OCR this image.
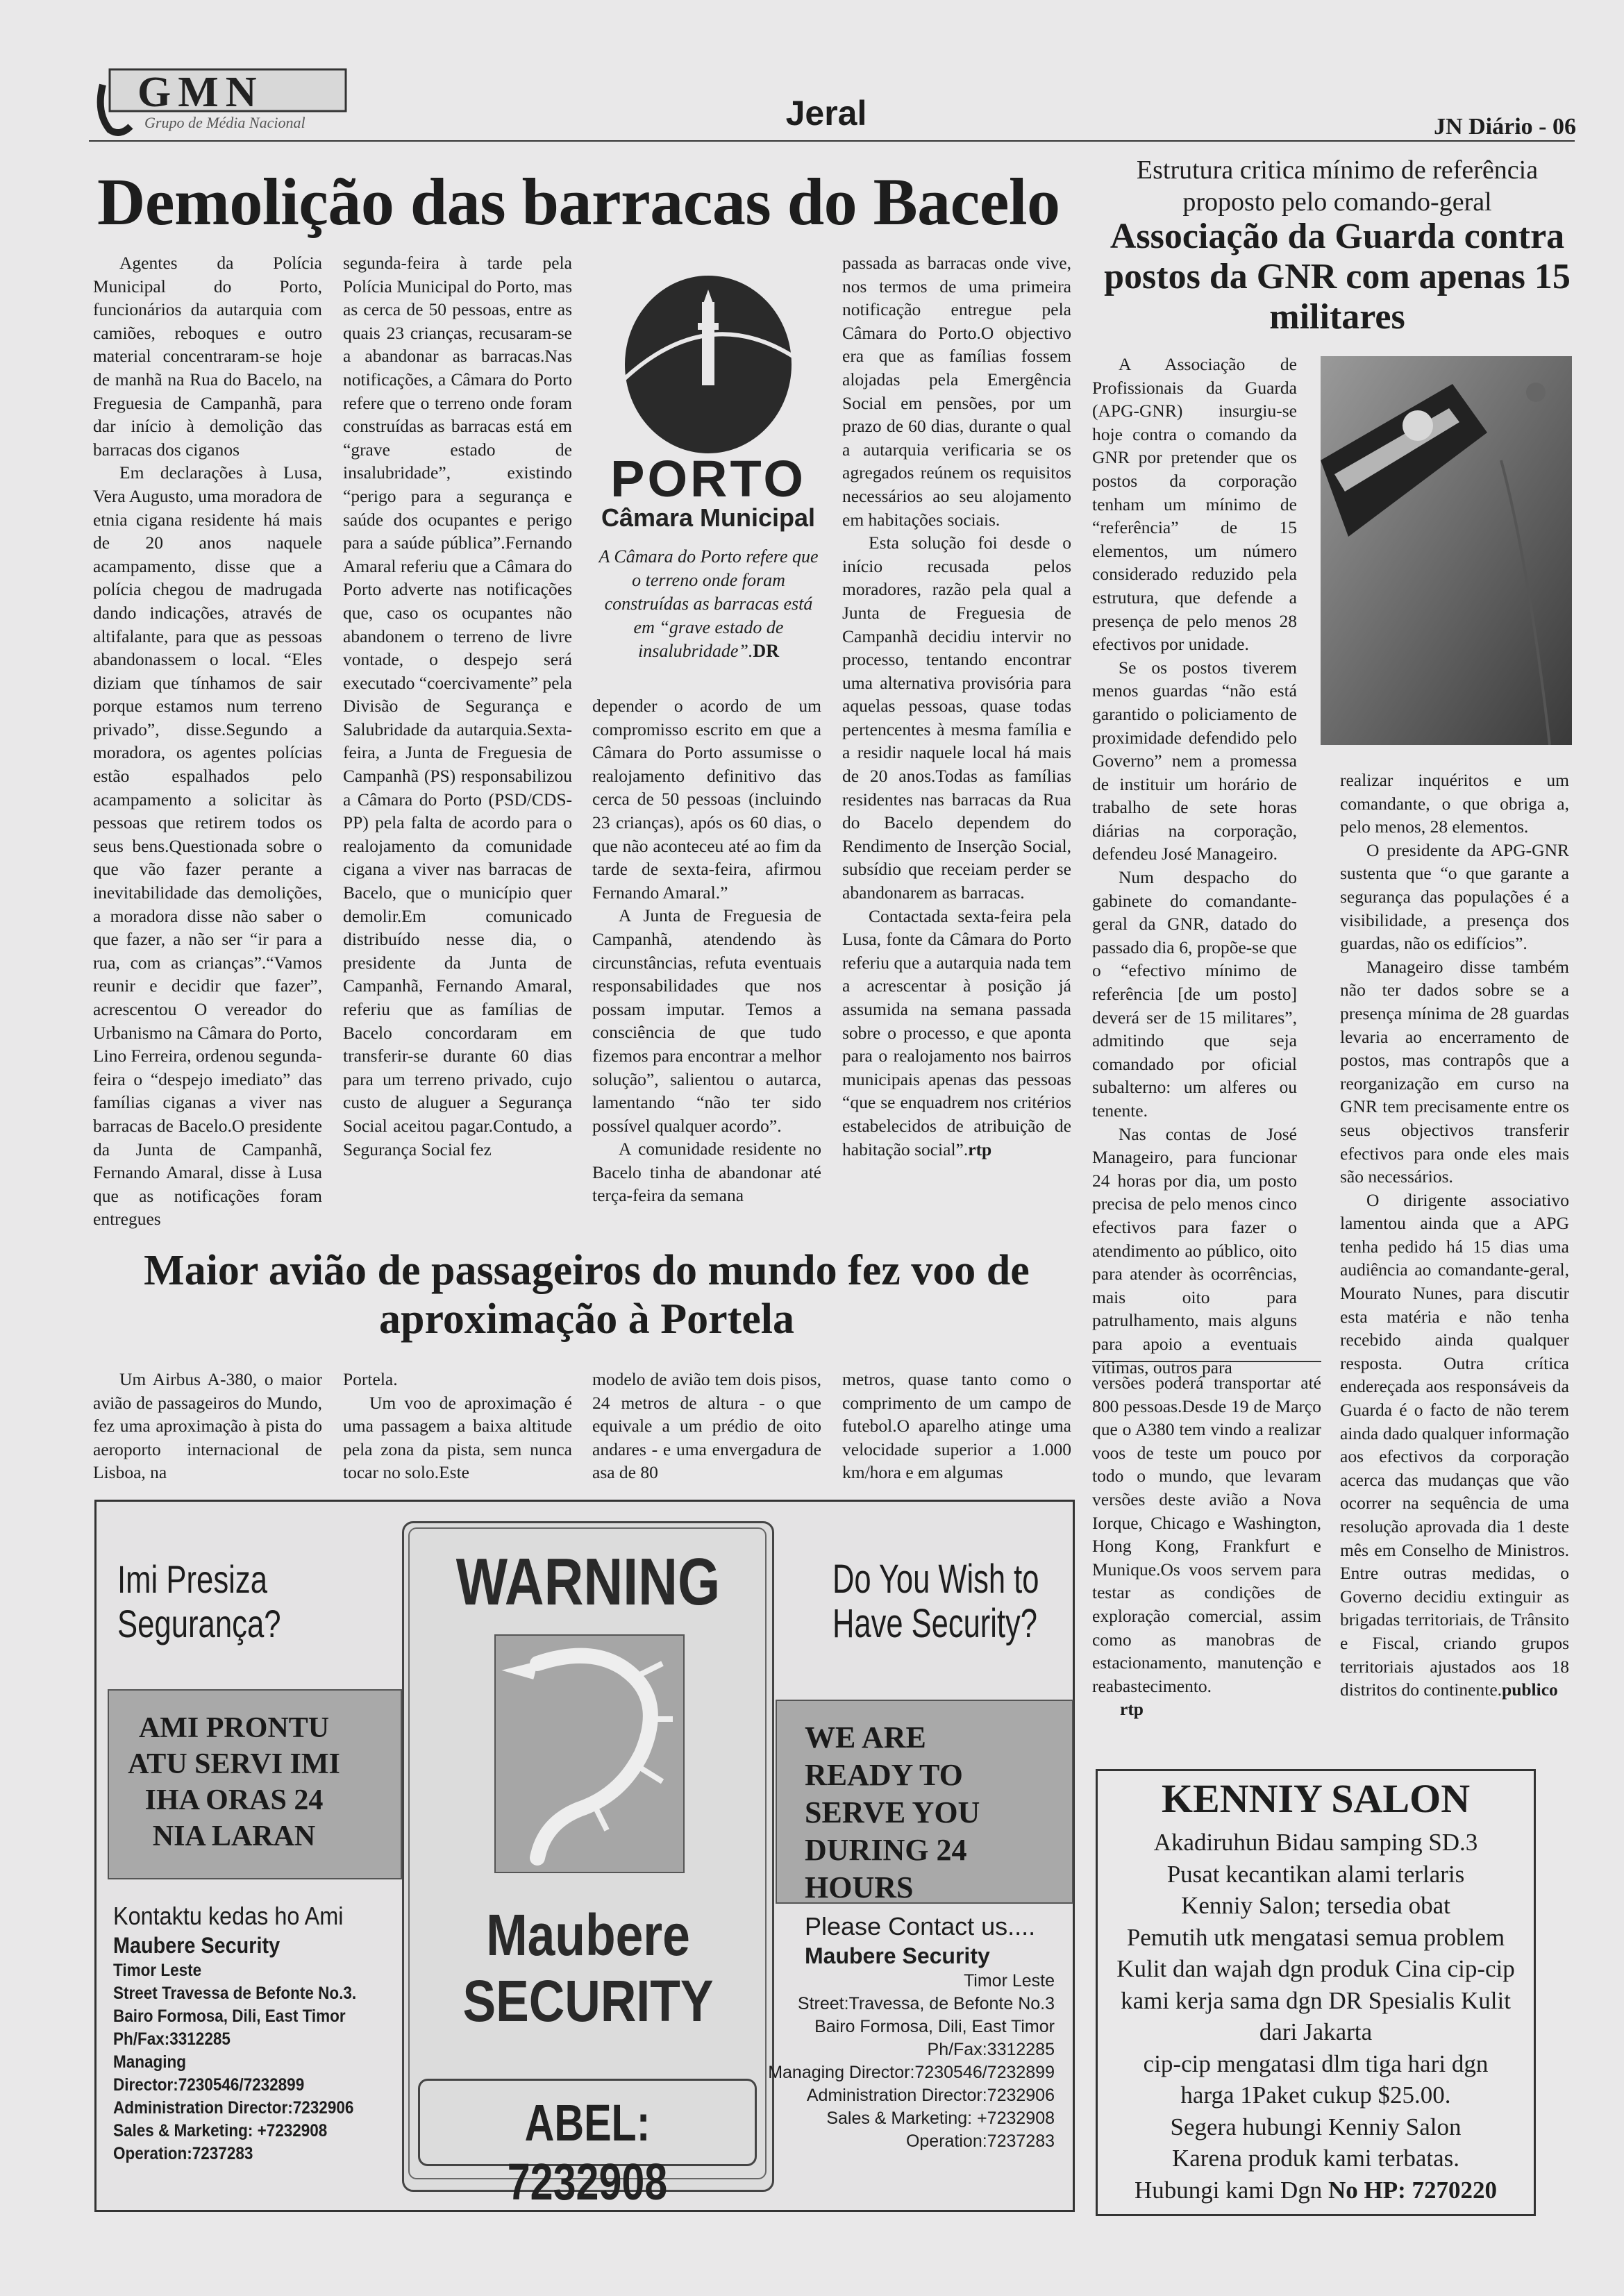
GMN
Grupo de Média Nacional	Jeral	JN Diário - 06
Demolição das barracas do Bacelo

Agentes da Polícia Municipal do Porto, funcionários da autarquia com camiões, reboques e outro material concentraram-se hoje de manhã na Rua do Bacelo, na Freguesia de Campanhã, para dar início à demolição das barracas dos ciganos

Em declarações à Lusa, Vera Augusto, uma moradora de etnia cigana residente há mais de 20 anos naquele acampamento, disse que a polícia chegou de madrugada dando indicações, através de altifalante, para que as pessoas abandonassem o local. “Eles diziam que tínhamos de sair porque estamos num terreno privado”, disse.Segundo a moradora, os agentes polícias estão espalhados pelo acampamento a solicitar às pessoas que retirem todos os seus bens.Questionada sobre o que vão fazer perante a inevitabilidade das demolições, a moradora disse não saber o que fazer, a não ser “ir para a rua, com as crianças”.“Vamos reunir e decidir que fazer”, acrescentou O vereador do Urbanismo na Câmara do Porto, Lino Ferreira, ordenou segunda-feira o “despejo imediato” das famílias ciganas a viver nas barracas de Bacelo.O presidente da Junta de Campanhã, Fernando Amaral, disse à Lusa que as notificações foram entregues

segunda-feira à tarde pela Polícia Municipal do Porto, mas as cerca de 50 pessoas, entre as quais 23 crianças, recusaram-se a abandonar as barracas.Nas notificações, a Câmara do Porto refere que o terreno onde foram construídas as barracas está em “grave estado de insalubridade”, existindo “perigo para a segurança e saúde dos ocupantes e perigo para a saúde pública”.Fernando Amaral referiu que a Câmara do Porto adverte nas notificações que, caso os ocupantes não abandonem o terreno de livre vontade, o despejo será executado “coercivamente” pela Divisão de Segurança e Salubridade da autarquia.Sexta-feira, a Junta de Freguesia de Campanhã (PS) responsabilizou a Câmara do Porto (PSD/CDS-PP) pela falta de acordo para o realojamento da comunidade cigana a viver nas barracas de Bacelo, que o município quer demolir.Em comunicado distribuído nesse dia, o presidente da Junta de Campanhã, Fernando Amaral, referiu que as famílias de Bacelo concordaram em transferir-se durante 60 dias para um terreno privado, cujo custo de aluguer a Segurança Social aceitou pagar.Contudo, a Segurança Social fez

PORTO
Câmara Municipal
A Câmara do Porto refere que o terreno onde foram construídas as barracas está em “grave estado de insalubridade”.DR

depender o acordo de um compromisso escrito em que a Câmara do Porto assumisse o realojamento definitivo das cerca de 50 pessoas (incluindo 23 crianças), após os 60 dias, o que não aconteceu até ao fim da tarde de sexta-feira, afirmou Fernando Amaral.”

A Junta de Freguesia de Campanhã, atendendo às circunstâncias, refuta eventuais responsabilidades que nos possam imputar. Temos a consciência de que tudo fizemos para encontrar a melhor solução”, salientou o autarca, lamentando “não ter sido possível qualquer acordo”.

A comunidade residente no Bacelo tinha de abandonar até terça-feira da semana

passada as barracas onde vive, nos termos de uma primeira notificação entregue pela Câmara do Porto.O objectivo era que as famílias fossem alojadas pela Emergência Social em pensões, por um prazo de 60 dias, durante o qual a autarquia verificaria se os agregados reúnem os requisitos necessários ao seu alojamento em habitações sociais.

Esta solução foi desde o início recusada pelos moradores, razão pela qual a Junta de Freguesia de Campanhã decidiu intervir no processo, tentando encontrar uma alternativa provisória para aquelas pessoas, quase todas pertencentes à mesma família e a residir naquele local há mais de 20 anos.Todas as famílias residentes nas barracas da Rua do Bacelo dependem do Rendimento de Inserção Social, subsídio que receiam perder se abandonarem as barracas.

Contactada sexta-feira pela Lusa, fonte da Câmara do Porto referiu que a autarquia nada tem a acrescentar à posição já assumida na semana passada sobre o processo, e que aponta para o realojamento nos bairros municipais apenas das pessoas “que se enquadrem nos critérios estabelecidos de atribuição de habitação social”.rtp

Maior avião de passageiros do mundo fez voo de aproximação à Portela

Um Airbus A-380, o maior avião de passageiros do Mundo, fez uma aproximação à pista do aeroporto internacional de Lisboa, na

Portela.

Um voo de aproximação é uma passagem a baixa altitude pela zona da pista, sem nunca tocar no solo.Este

modelo de avião tem dois pisos, 24 metros de altura - o que equivale a um prédio de oito andares - e uma envergadura de asa de 80

metros, quase tanto como o comprimento de um campo de futebol.O aparelho atinge uma velocidade superior a 1.000 km/hora e em algumas

versões poderá transportar até 800 pessoas.Desde 19 de Março que o A380 tem vindo a realizar voos de teste um pouco por todo o mundo, que levaram versões deste avião a Nova Iorque, Chicago e Washington, Hong Kong, Frankfurt e Munique.Os voos servem para testar as condições de exploração comercial, assim como as manobras de estacionamento, manutenção e reabastecimento.

rtp

Estrutura critica mínimo de referência proposto pelo comando-geral
Associação da Guarda contra postos da GNR com apenas 15 militares

A Associação de Profissionais da Guarda (APG-GNR) insurgiu-se hoje contra o comando da GNR por pretender que os postos da corporação tenham um mínimo de “referência” de 15 elementos, um número considerado reduzido pela estrutura, que defende a presença de pelo menos 28 efectivos por unidade.

Se os postos tiverem menos guardas “não está garantido o policiamento de proximidade defendido pelo Governo” nem a promessa de instituir um horário de trabalho de sete horas diárias na corporação, defendeu José Manageiro.

Num despacho do gabinete do comandante-geral da GNR, datado do passado dia 6, propõe-se que o “efectivo mínimo de referência [de um posto] deverá ser de 15 militares”, admitindo que seja comandado por oficial subalterno: um alferes ou tenente.

Nas contas de José Manageiro, para funcionar 24 horas por dia, um posto precisa de pelo menos cinco efectivos para fazer o atendimento ao público, oito para atender às ocorrências, mais oito para patrulhamento, mais alguns para apoio a eventuais vítimas, outros para

realizar inquéritos e um comandante, o que obriga a, pelo menos, 28 elementos.

O presidente da APG-GNR sustenta que “o que garante a segurança das populações é a visibilidade, a presença dos guardas, não os edifícios”.

Manageiro disse também não ter dados sobre se a presença mínima de 28 guardas levaria ao encerramento de postos, mas contrapôs que a reorganização em curso na GNR tem precisamente entre os seus objectivos transferir efectivos para onde eles mais são necessários.

O dirigente associativo lamentou ainda que a APG tenha pedido há 15 dias uma audiência ao comandante-geral, Mourato Nunes, para discutir esta matéria e não tenha recebido ainda qualquer resposta. Outra crítica endereçada aos responsáveis da Guarda é o facto de não terem ainda dado qualquer informação aos efectivos da corporação acerca das mudanças que vão ocorrer na sequência de uma resolução aprovada dia 1 deste mês em Conselho de Ministros. Entre outras medidas, o Governo decidiu extinguir as brigadas territoriais, de Trânsito e Fiscal, criando grupos territoriais ajustados aos 18 distritos do continente.publico

Imi Presiza Segurança?
AMI PRONTU ATU SERVI IMI IHA ORAS 24 NIA LARAN
Kontaktu kedas ho Ami
Maubere Security
Timor Leste
Street Travessa de Befonte No.3.
Bairo Formosa, Dili, East Timor
Ph/Fax:3312285
Managing Director:7230546/7232899
Administration Director:7232906
Sales & Marketing: +7232908
Operation:7237283
WARNING
Maubere
SECURITY
ABEL: 7232908
Do You Wish to Have Security?
WE ARE READY TO SERVE YOU DURING 24 HOURS
Please Contact us....
Maubere Security
Timor Leste
Street:Travessa, de Befonte No.3
Bairo Formosa, Dili, East Timor
Ph/Fax:3312285
Managing Director:7230546/7232899
Administration Director:7232906
Sales & Marketing: +7232908
Operation:7237283
KENNIY SALON
Akadiruhun Bidau samping SD.3
Pusat kecantikan alami terlaris
Kenniy Salon; tersedia obat
Pemutih utk mengatasi semua problem
Kulit dan wajah dgn produk Cina cip-cip
kami kerja sama dgn DR Spesialis Kulit
dari Jakarta
cip-cip mengatasi dlm tiga hari dgn
harga 1Paket cukup $25.00.
Segera hubungi Kenniy Salon
Karena produk kami terbatas.
Hubungi kami Dgn No HP: 7270220
